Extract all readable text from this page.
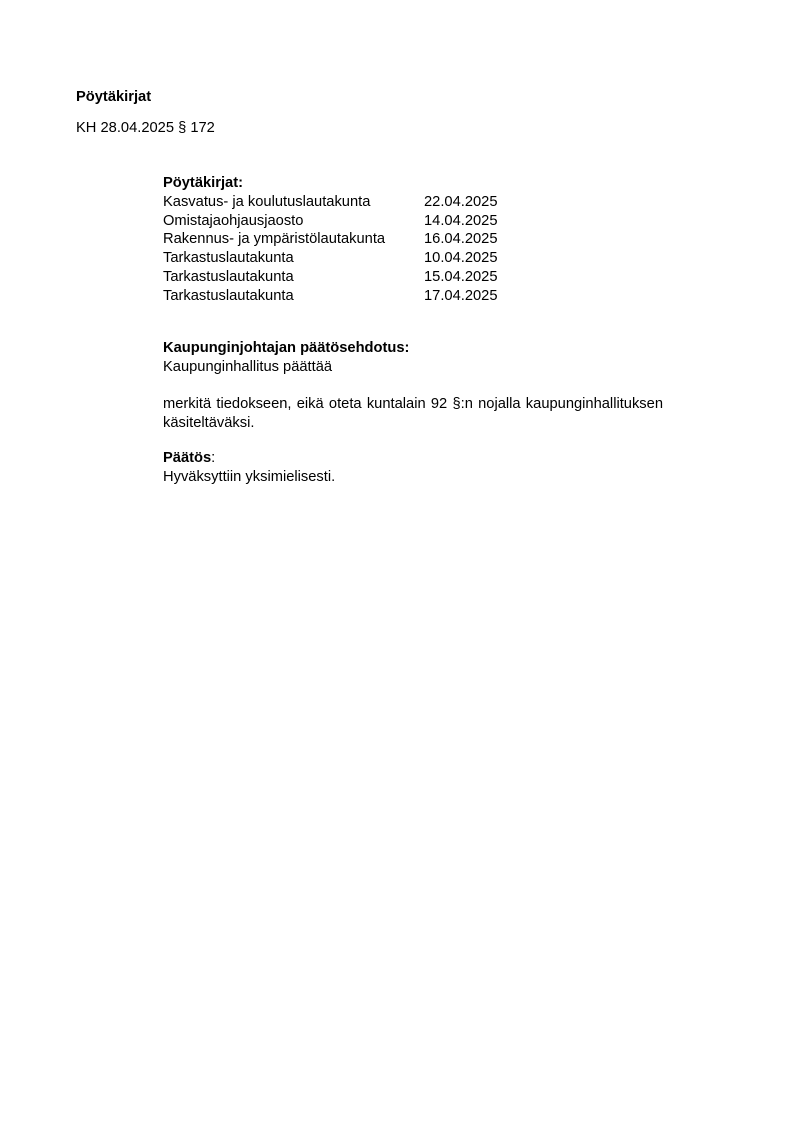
Pöytäkirjat
KH 28.04.2025 § 172
Pöytäkirjat:
Kasvatus- ja koulutuslautakunta	22.04.2025
Omistajaohjausjaosto	14.04.2025
Rakennus- ja ympäristölautakunta	16.04.2025
Tarkastuslautakunta	10.04.2025
Tarkastuslautakunta	15.04.2025
Tarkastuslautakunta	17.04.2025
Kaupunginjohtajan päätösehdotus:
Kaupunginhallitus päättää
merkitä tiedokseen, eikä oteta kuntalain 92 §:n nojalla kaupunginhallituksen käsiteltäväksi.
Päätös:
Hyväksyttiin yksimielisesti.
